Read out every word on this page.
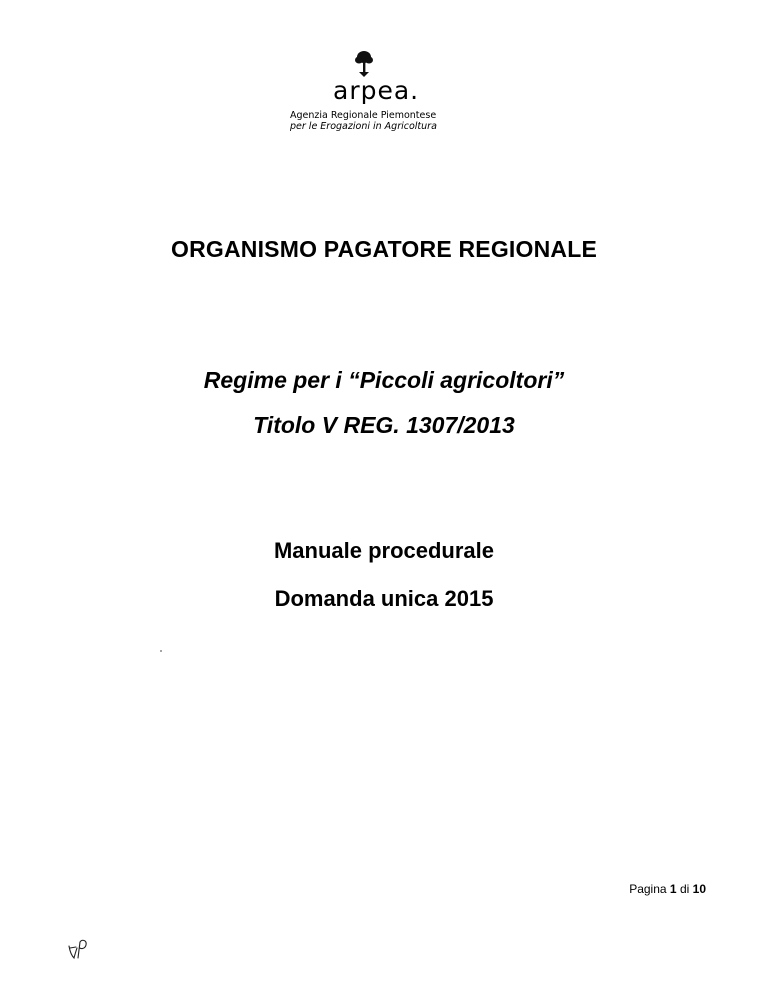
arpea.
Agenzia Regionale Piemontese
per le Erogazioni in Agricoltura
ORGANISMO PAGATORE REGIONALE
Regime per i “Piccoli agricoltori”
Titolo V REG. 1307/2013
Manuale procedurale
Domanda unica 2015
Pagina 1 di 10
